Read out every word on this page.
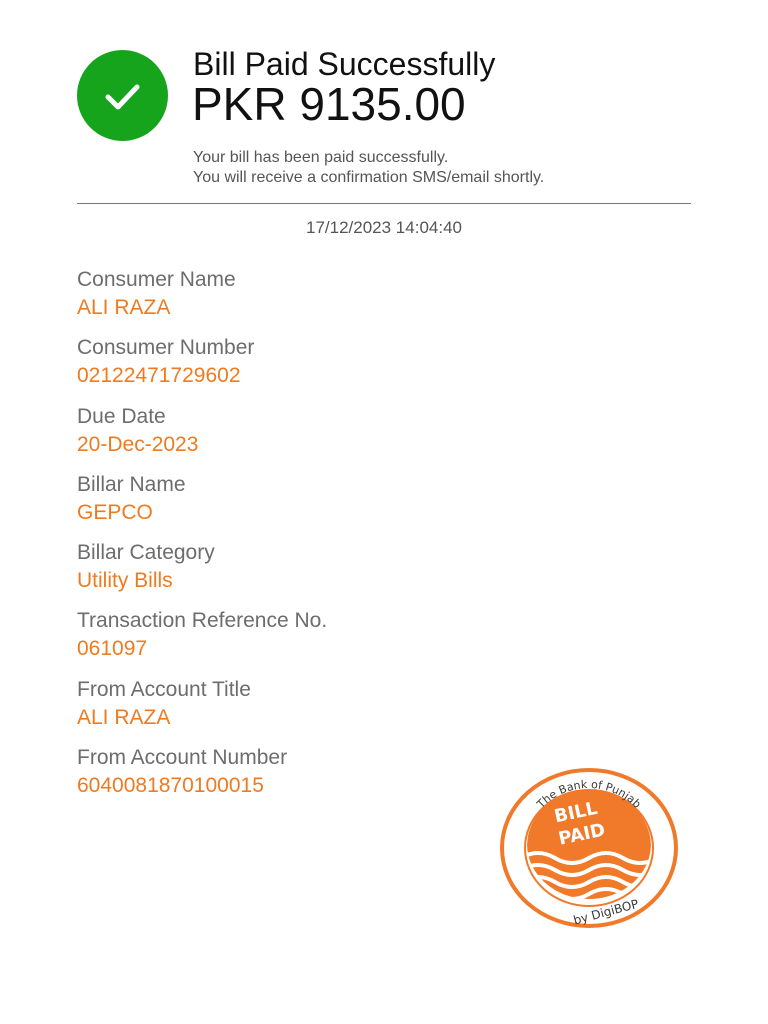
Bill Paid Successfully
PKR 9135.00
Your bill has been paid successfully.
You will receive a confirmation SMS/email shortly.
17/12/2023 14:04:40
Consumer Name
ALI RAZA
Consumer Number
02122471729602
Due Date
20-Dec-2023
Billar Name
GEPCO
Billar Category
Utility Bills
Transaction Reference No.
061097
From Account Title
ALI RAZA
From Account Number
6040081870100015
The Bank of Punjab
BILL
PAID
by DigiBOP
